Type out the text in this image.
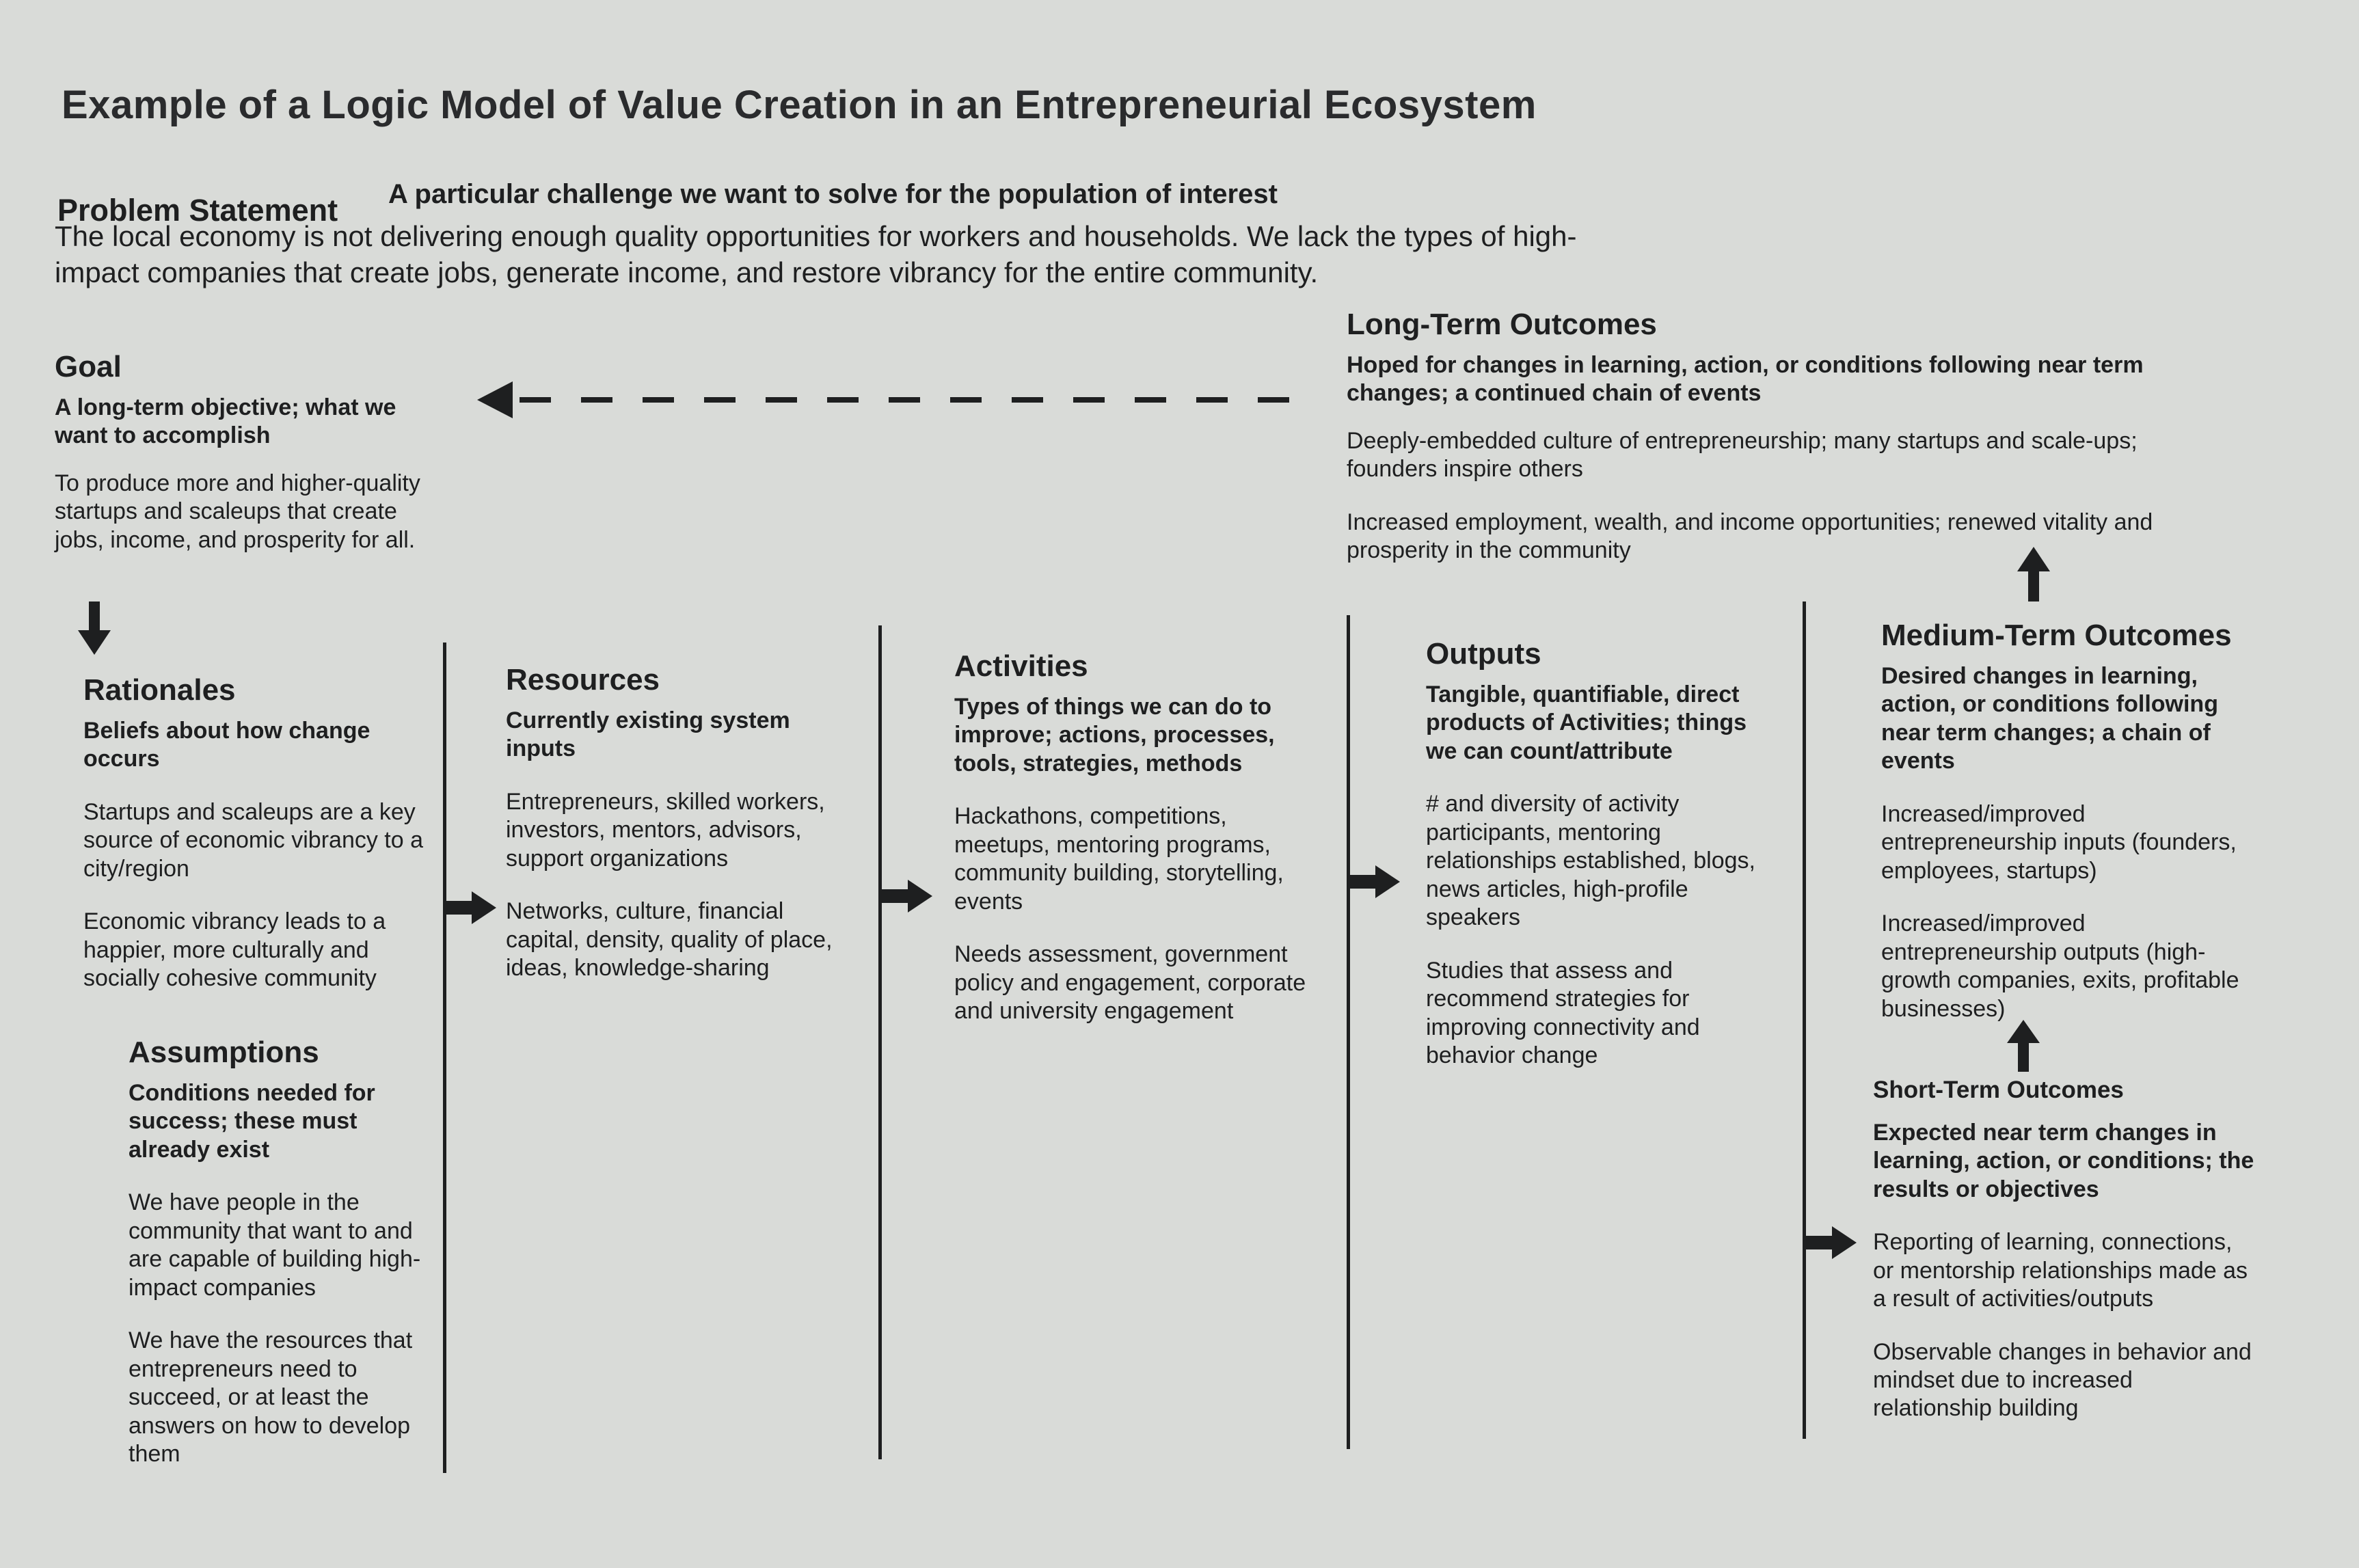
Example of a Logic Model of Value Creation in an Entrepreneurial Ecosystem
Problem Statement A particular challenge we want to solve for the population of interest
The local economy is not delivering enough quality opportunities for workers and households. We lack the types of high-impact companies that create jobs, generate income, and restore vibrancy for the entire community.
Goal
A long-term objective; what we want to accomplish
To produce more and higher-quality startups and scaleups that create jobs, income, and prosperity for all.
Long-Term Outcomes
Hoped for changes in learning, action, or conditions following near term changes; a continued chain of events
Deeply-embedded culture of entrepreneurship; many startups and scale-ups; founders inspire others
Increased employment, wealth, and income opportunities; renewed vitality and prosperity in the community
Rationales
Beliefs about how change occurs
Startups and scaleups are a key source of economic vibrancy to a city/region
Economic vibrancy leads to a happier, more culturally and socially cohesive community
Assumptions
Conditions needed for success; these must already exist
We have people in the community that want to and are capable of building high-impact companies
We have the resources that entrepreneurs need to succeed, or at least the answers on how to develop them
Resources
Currently existing system inputs
Entrepreneurs, skilled workers, investors, mentors, advisors, support organizations
Networks, culture, financial capital, density, quality of place, ideas, knowledge-sharing
Activities
Types of things we can do to improve; actions, processes, tools, strategies, methods
Hackathons, competitions, meetups, mentoring programs, community building, storytelling, events
Needs assessment, government policy and engagement, corporate and university engagement
Outputs
Tangible, quantifiable, direct products of Activities; things we can count/attribute
# and diversity of activity participants, mentoring relationships established, blogs, news articles, high-profile speakers
Studies that assess and recommend strategies for improving connectivity and behavior change
Medium-Term Outcomes
Desired changes in learning, action, or conditions following near term changes; a chain of events
Increased/improved entrepreneurship inputs (founders, employees, startups)
Increased/improved entrepreneurship outputs (high-growth companies, exits, profitable businesses)
Short-Term Outcomes
Expected near term changes in learning, action, or conditions; the results or objectives
Reporting of learning, connections, or mentorship relationships made as a result of activities/outputs
Observable changes in behavior and mindset due to increased relationship building
